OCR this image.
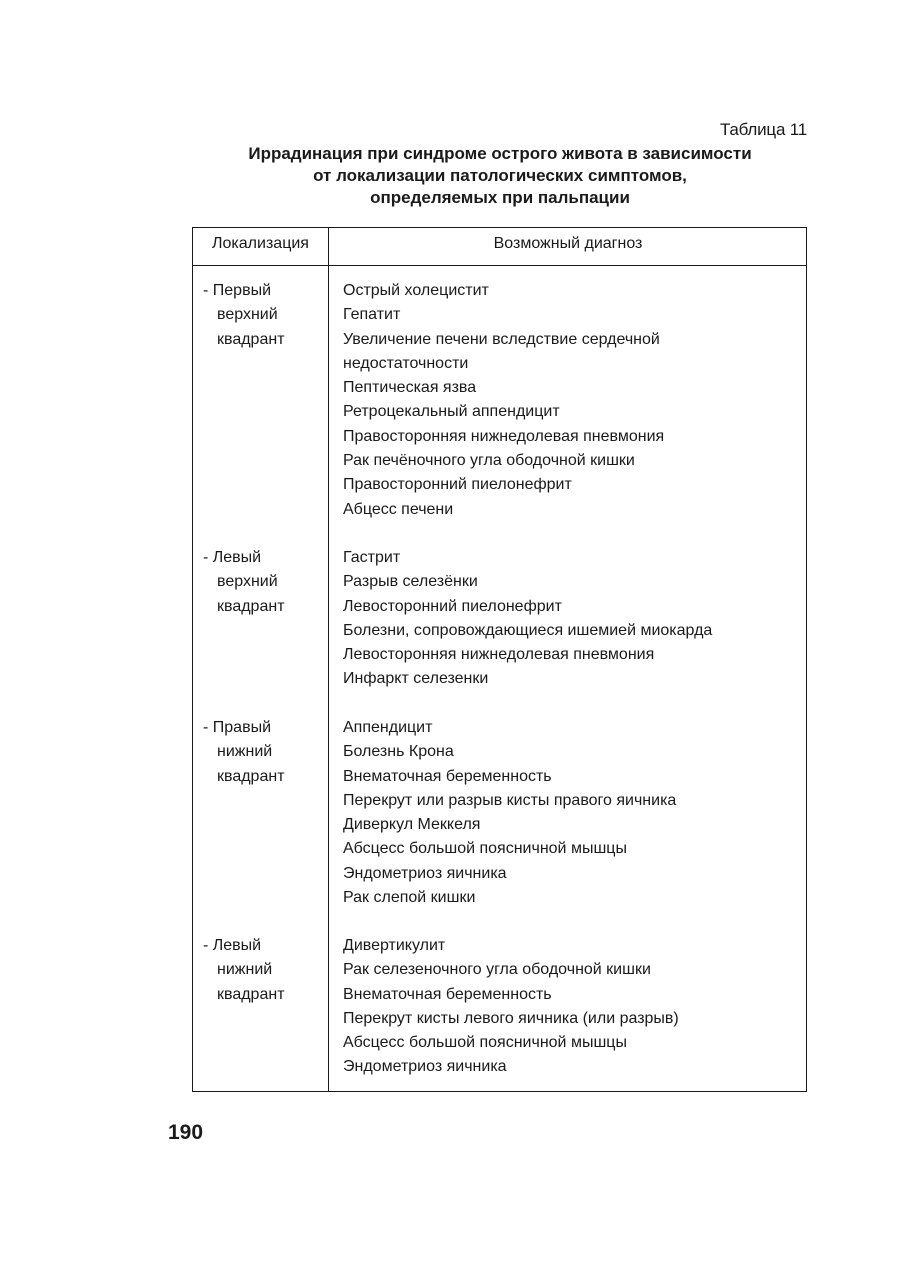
Таблица 11
Иррадинация при синдроме острого живота в зависимости
от локализации патологических симптомов,
определяемых при пальпации
Локализация	Возможный диагноз
- Первый
верхний
квадрант
Острый холецистит
Гепатит
Увеличение печени вследствие сердечной
недостаточности
Пептическая язва
Ретроцекальный аппендицит
Правосторонняя нижнедолевая пневмония
Рак печёночного угла ободочной кишки
Правосторонний пиелонефрит
Абцесс печени
- Левый
верхний
квадрант
Гастрит
Разрыв селезёнки
Левосторонний пиелонефрит
Болезни, сопровождающиеся ишемией миокарда
Левосторонняя нижнедолевая пневмония
Инфаркт селезенки
- Правый
нижний
квадрант
Аппендицит
Болезнь Крона
Внематочная беременность
Перекрут или разрыв кисты правого яичника
Диверкул Меккеля
Абсцесс большой поясничной мышцы
Эндометриоз яичника
Рак слепой кишки
- Левый
нижний
квадрант
Дивертикулит
Рак селезеночного угла ободочной кишки
Внематочная беременность
Перекрут кисты левого яичника (или разрыв)
Абсцесс большой поясничной мышцы
Эндометриоз яичника
190
